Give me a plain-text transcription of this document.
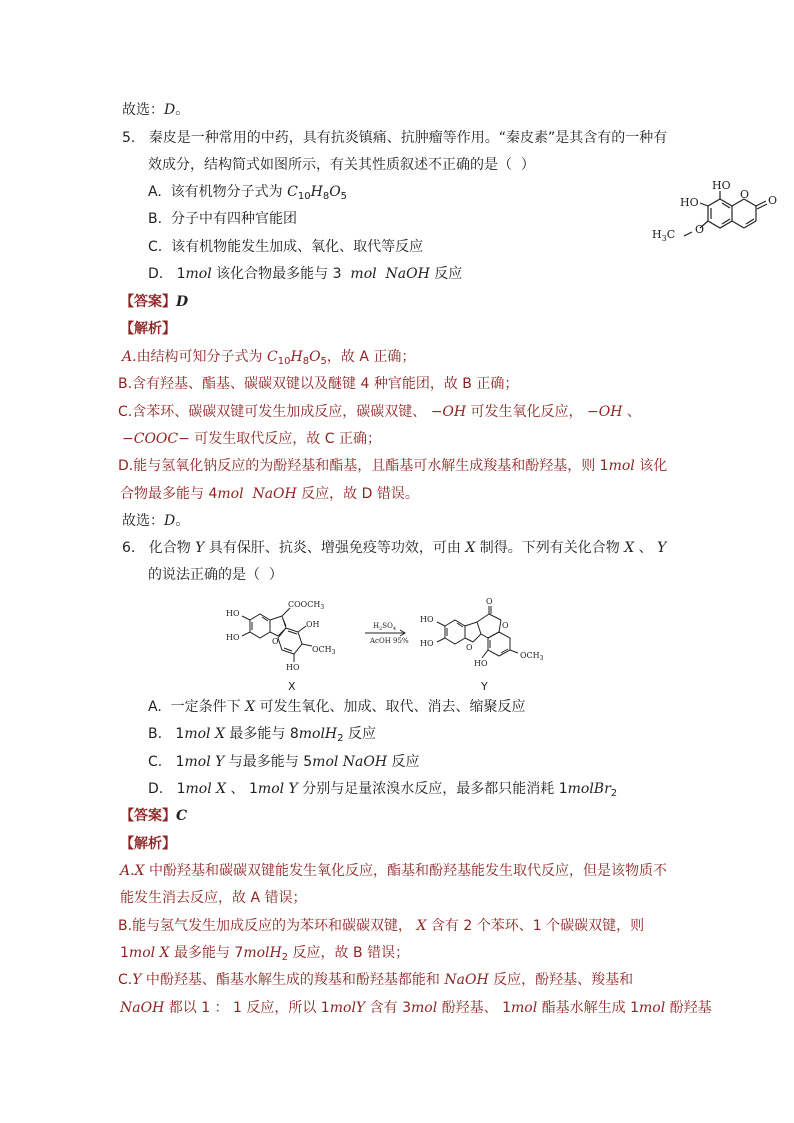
故选：D。
5.   秦皮是一种常用的中药，具有抗炎镇痛、抗肿瘤等作用。“秦皮素”是其含有的一种有
效成分，结构简式如图所示，有关其性质叙述不正确的是（  ）
A.  该有机物分子式为 $C_{10}H_8O_5$
B.  分子中有四种官能团
C.  该有机物能发生加成、氧化、取代等反应
D.   1mol 该化合物最多能与 3  mol  NaOH 反应
【答案】D
【解析】
A.由结构可知分子式为 $C_{10}H_8O_5$，故 A 正确；
B.含有羟基、酯基、碳碳双键以及醚键 4 种官能团，故 B 正确；
C.含苯环、碳碳双键可发生加成反应，碳碳双键、 −OH 可发生氧化反应， −OH 、
−COOC− 可发生取代反应，故 C 正确；
D.能与氢氧化钠反应的为酚羟基和酯基，且酯基可水解生成羧基和酚羟基，则 1mol 该化
合物最多能与 4mol  NaOH 反应，故 D 错误。
故选：D。
6.   化合物 Y 具有保肝、抗炎、增强免疫等功效，可由 X 制得。下列有关化合物 X 、 Y
的说法正确的是（  ）
A.  一定条件下 X 可发生氧化、加成、取代、消去、缩聚反应
B.   1mol X 最多能与 8molH$_2$ 反应
C.   1mol Y 与最多能与 5mol NaOH 反应
D.   1mol X 、 1mol Y 分别与足量浓溴水反应，最多都只能消耗 1molBr$_2$
【答案】C
【解析】
A.X 中酚羟基和碳碳双键能发生氧化反应，酯基和酚羟基能发生取代反应，但是该物质不
能发生消去反应，故 A 错误；
B.能与氢气发生加成反应的为苯环和碳碳双键， X 含有 2 个苯环、1 个碳碳双键，则
1mol X 最多能与 7molH$_2$ 反应，故 B 错误；
C.Y 中酚羟基、酯基水解生成的羧基和酚羟基都能和 NaOH 反应，酚羟基、羧基和
NaOH 都以 1 ： 1 反应，所以 1molY 含有 3mol 酚羟基、 1mol 酯基水解生成 1mol 酚羟基
HO
HO
O O
$H_3C$ O
HO
HO	O
$COOCH_3$
OH
HO
$OCH_3$
$H_2SO_4$
AcOH 95%
HO
HO	O
O
O
HO
$OCH_3$
X	Y
